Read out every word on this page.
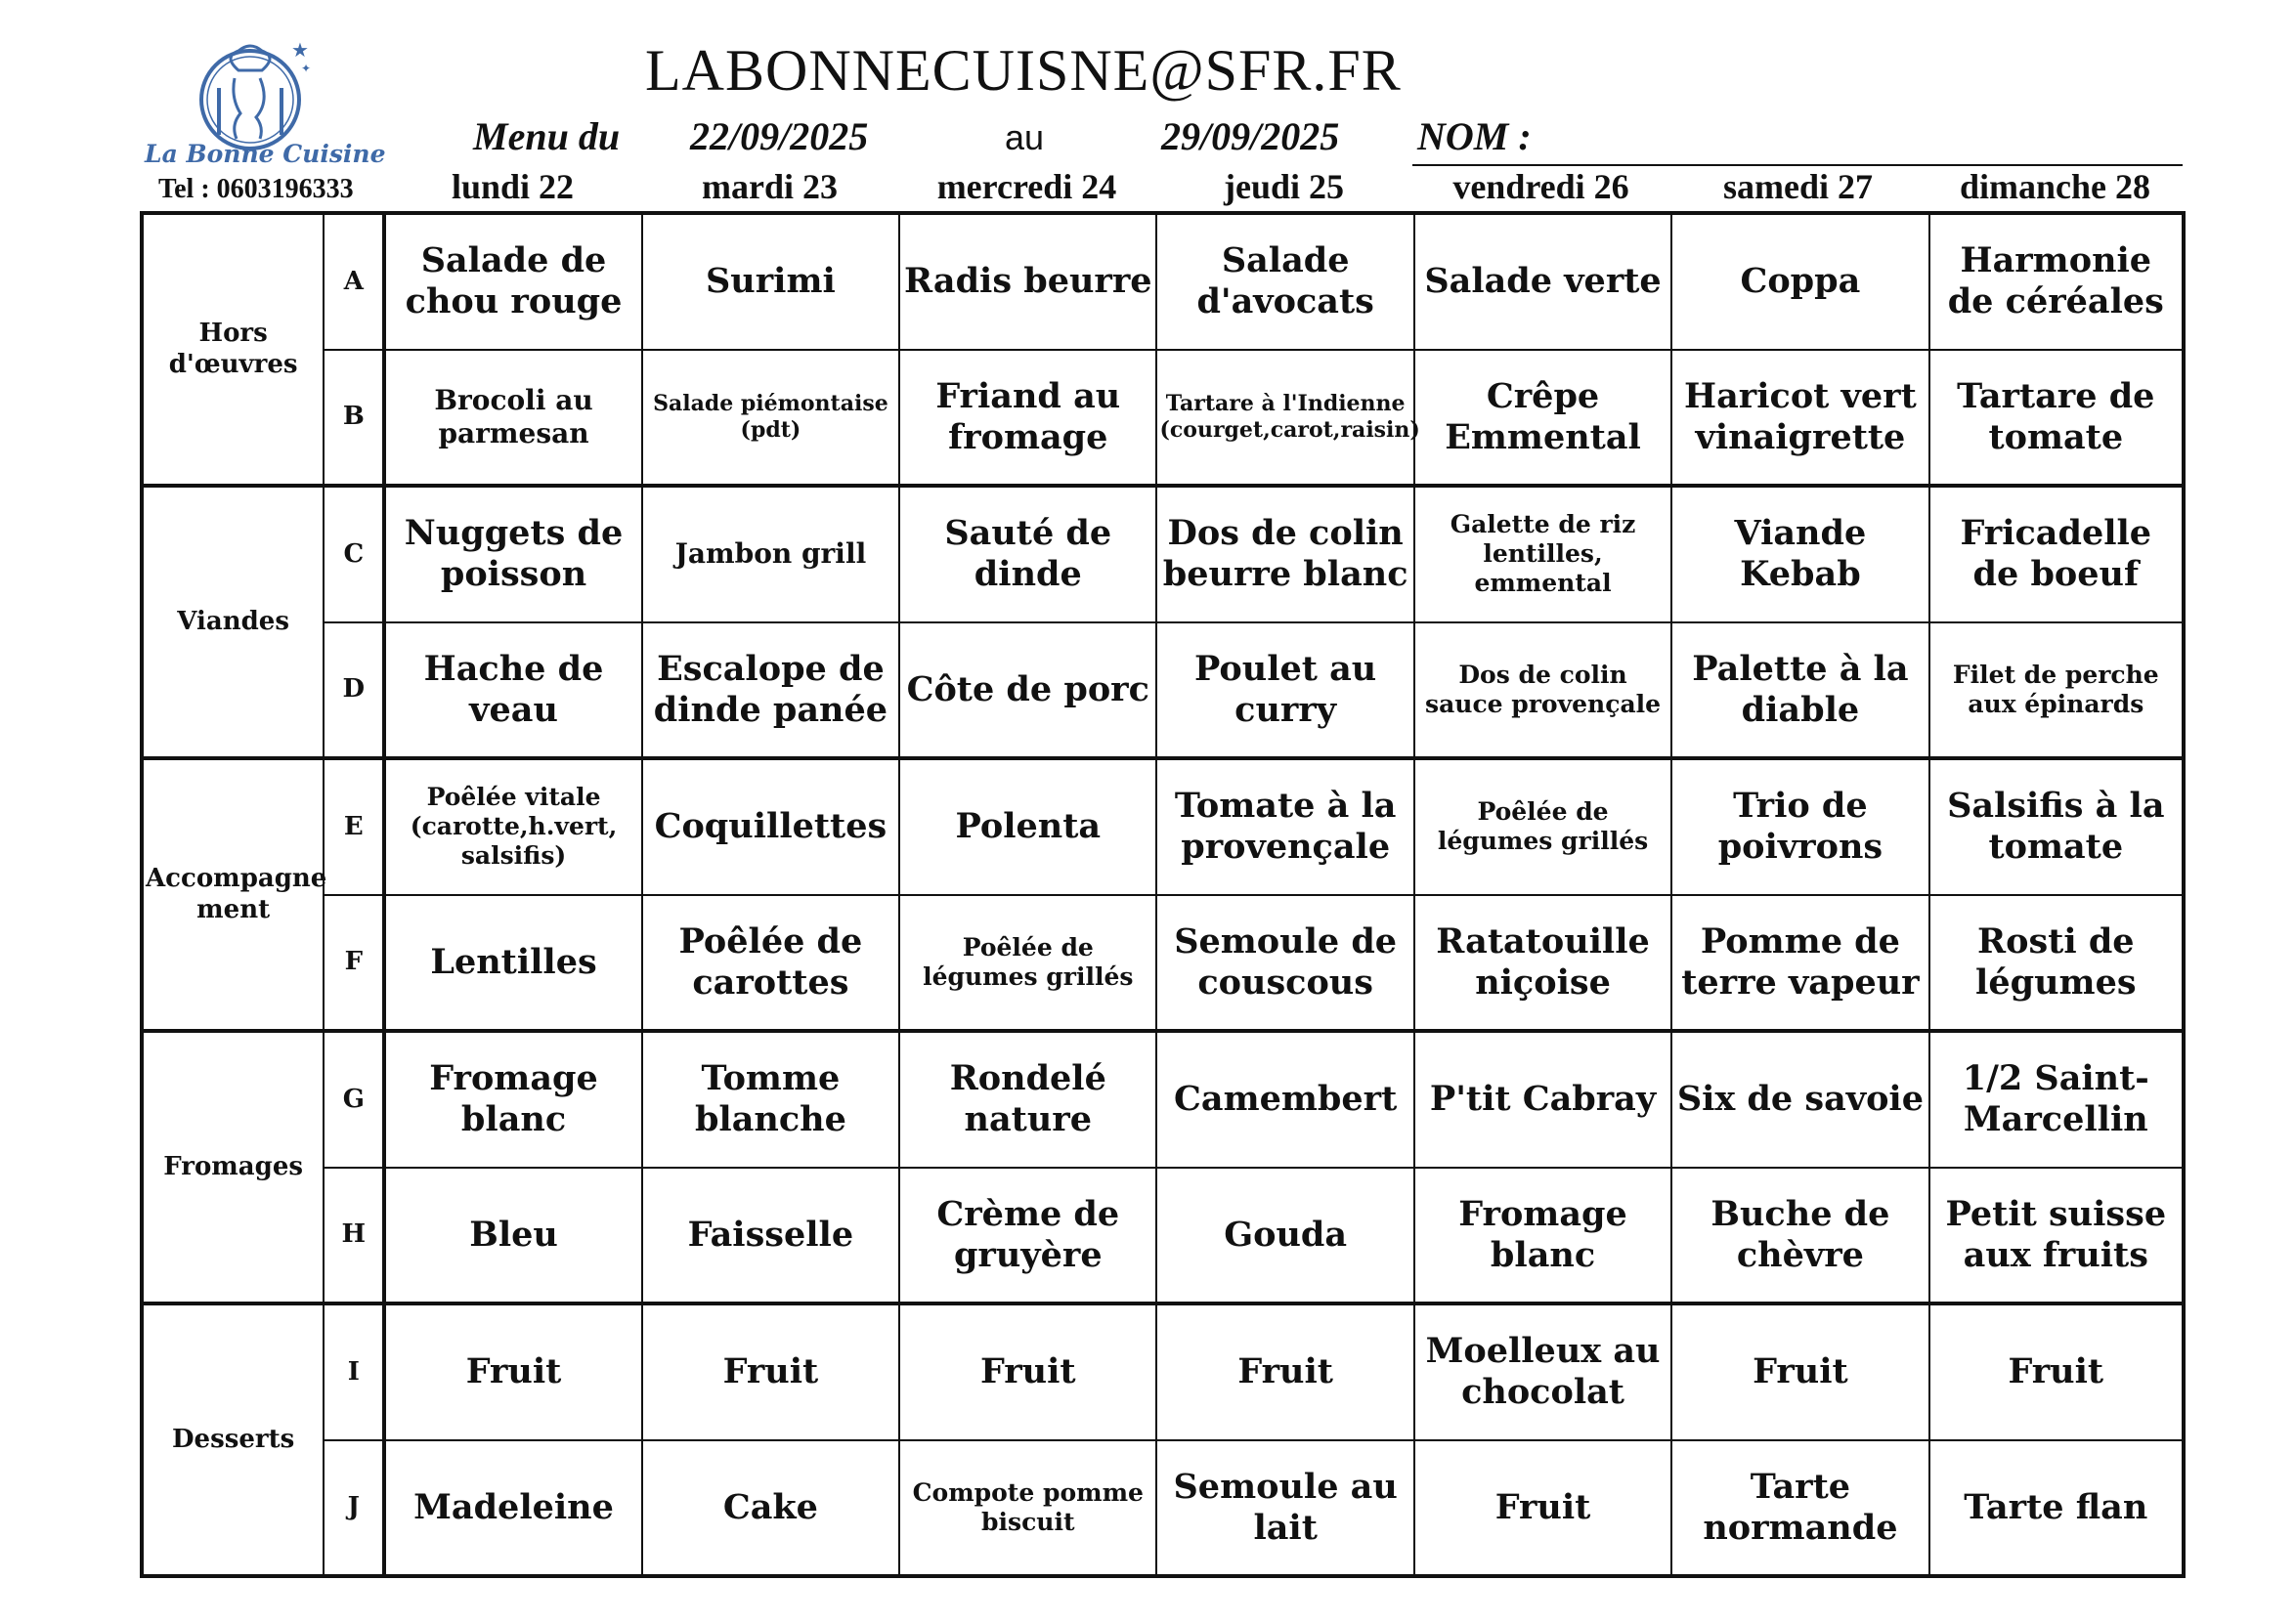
LABONNECUISNE@SFR.FR
★
✦
La Bonne Cuisine
Tel : 0603196333
Menu du 22/09/2025	au	29/09/2025 NOM :
lundi 22	mardi 23	mercredi 24	jeudi 25	vendredi 26	samedi 27	dimanche 28
Hors d'œuvres	A	Salade de chou rouge	Surimi	Radis beurre	Salade d'avocats	Salade verte	Coppa	Harmonie de céréales
	B	Brocoli au parmesan	Salade piémontaise (pdt)	Friand au fromage	Tartare à l'Indienne (courget,carot,raisin)	Crêpe Emmental	Haricot vert vinaigrette	Tartare de tomate
Viandes	C	Nuggets de poisson	Jambon grill	Sauté de dinde	Dos de colin beurre blanc	Galette de riz lentilles, emmental	Viande Kebab	Fricadelle de boeuf
	D	Hache de veau	Escalope de dinde panée	Côte de porc	Poulet au curry	Dos de colin sauce provençale	Palette à la diable	Filet de perche aux épinards
Accompagne ment	E	Poêlée vitale (carotte,h.vert, salsifis)	Coquillettes	Polenta	Tomate à la provençale	Poêlée de légumes grillés	Trio de poivrons	Salsifis à la tomate
	F	Lentilles	Poêlée de carottes	Poêlée de légumes grillés	Semoule de couscous	Ratatouille niçoise	Pomme de terre vapeur	Rosti de légumes
Fromages	G	Fromage blanc	Tomme blanche	Rondelé nature	Camembert	P'tit Cabray	Six de savoie	1/2 Saint-Marcellin
	H	Bleu	Faisselle	Crème de gruyère	Gouda	Fromage blanc	Buche de chèvre	Petit suisse aux fruits
Desserts	I	Fruit	Fruit	Fruit	Fruit	Moelleux au chocolat	Fruit	Fruit
	J	Madeleine	Cake	Compote pomme biscuit	Semoule au lait	Fruit	Tarte normande	Tarte flan
